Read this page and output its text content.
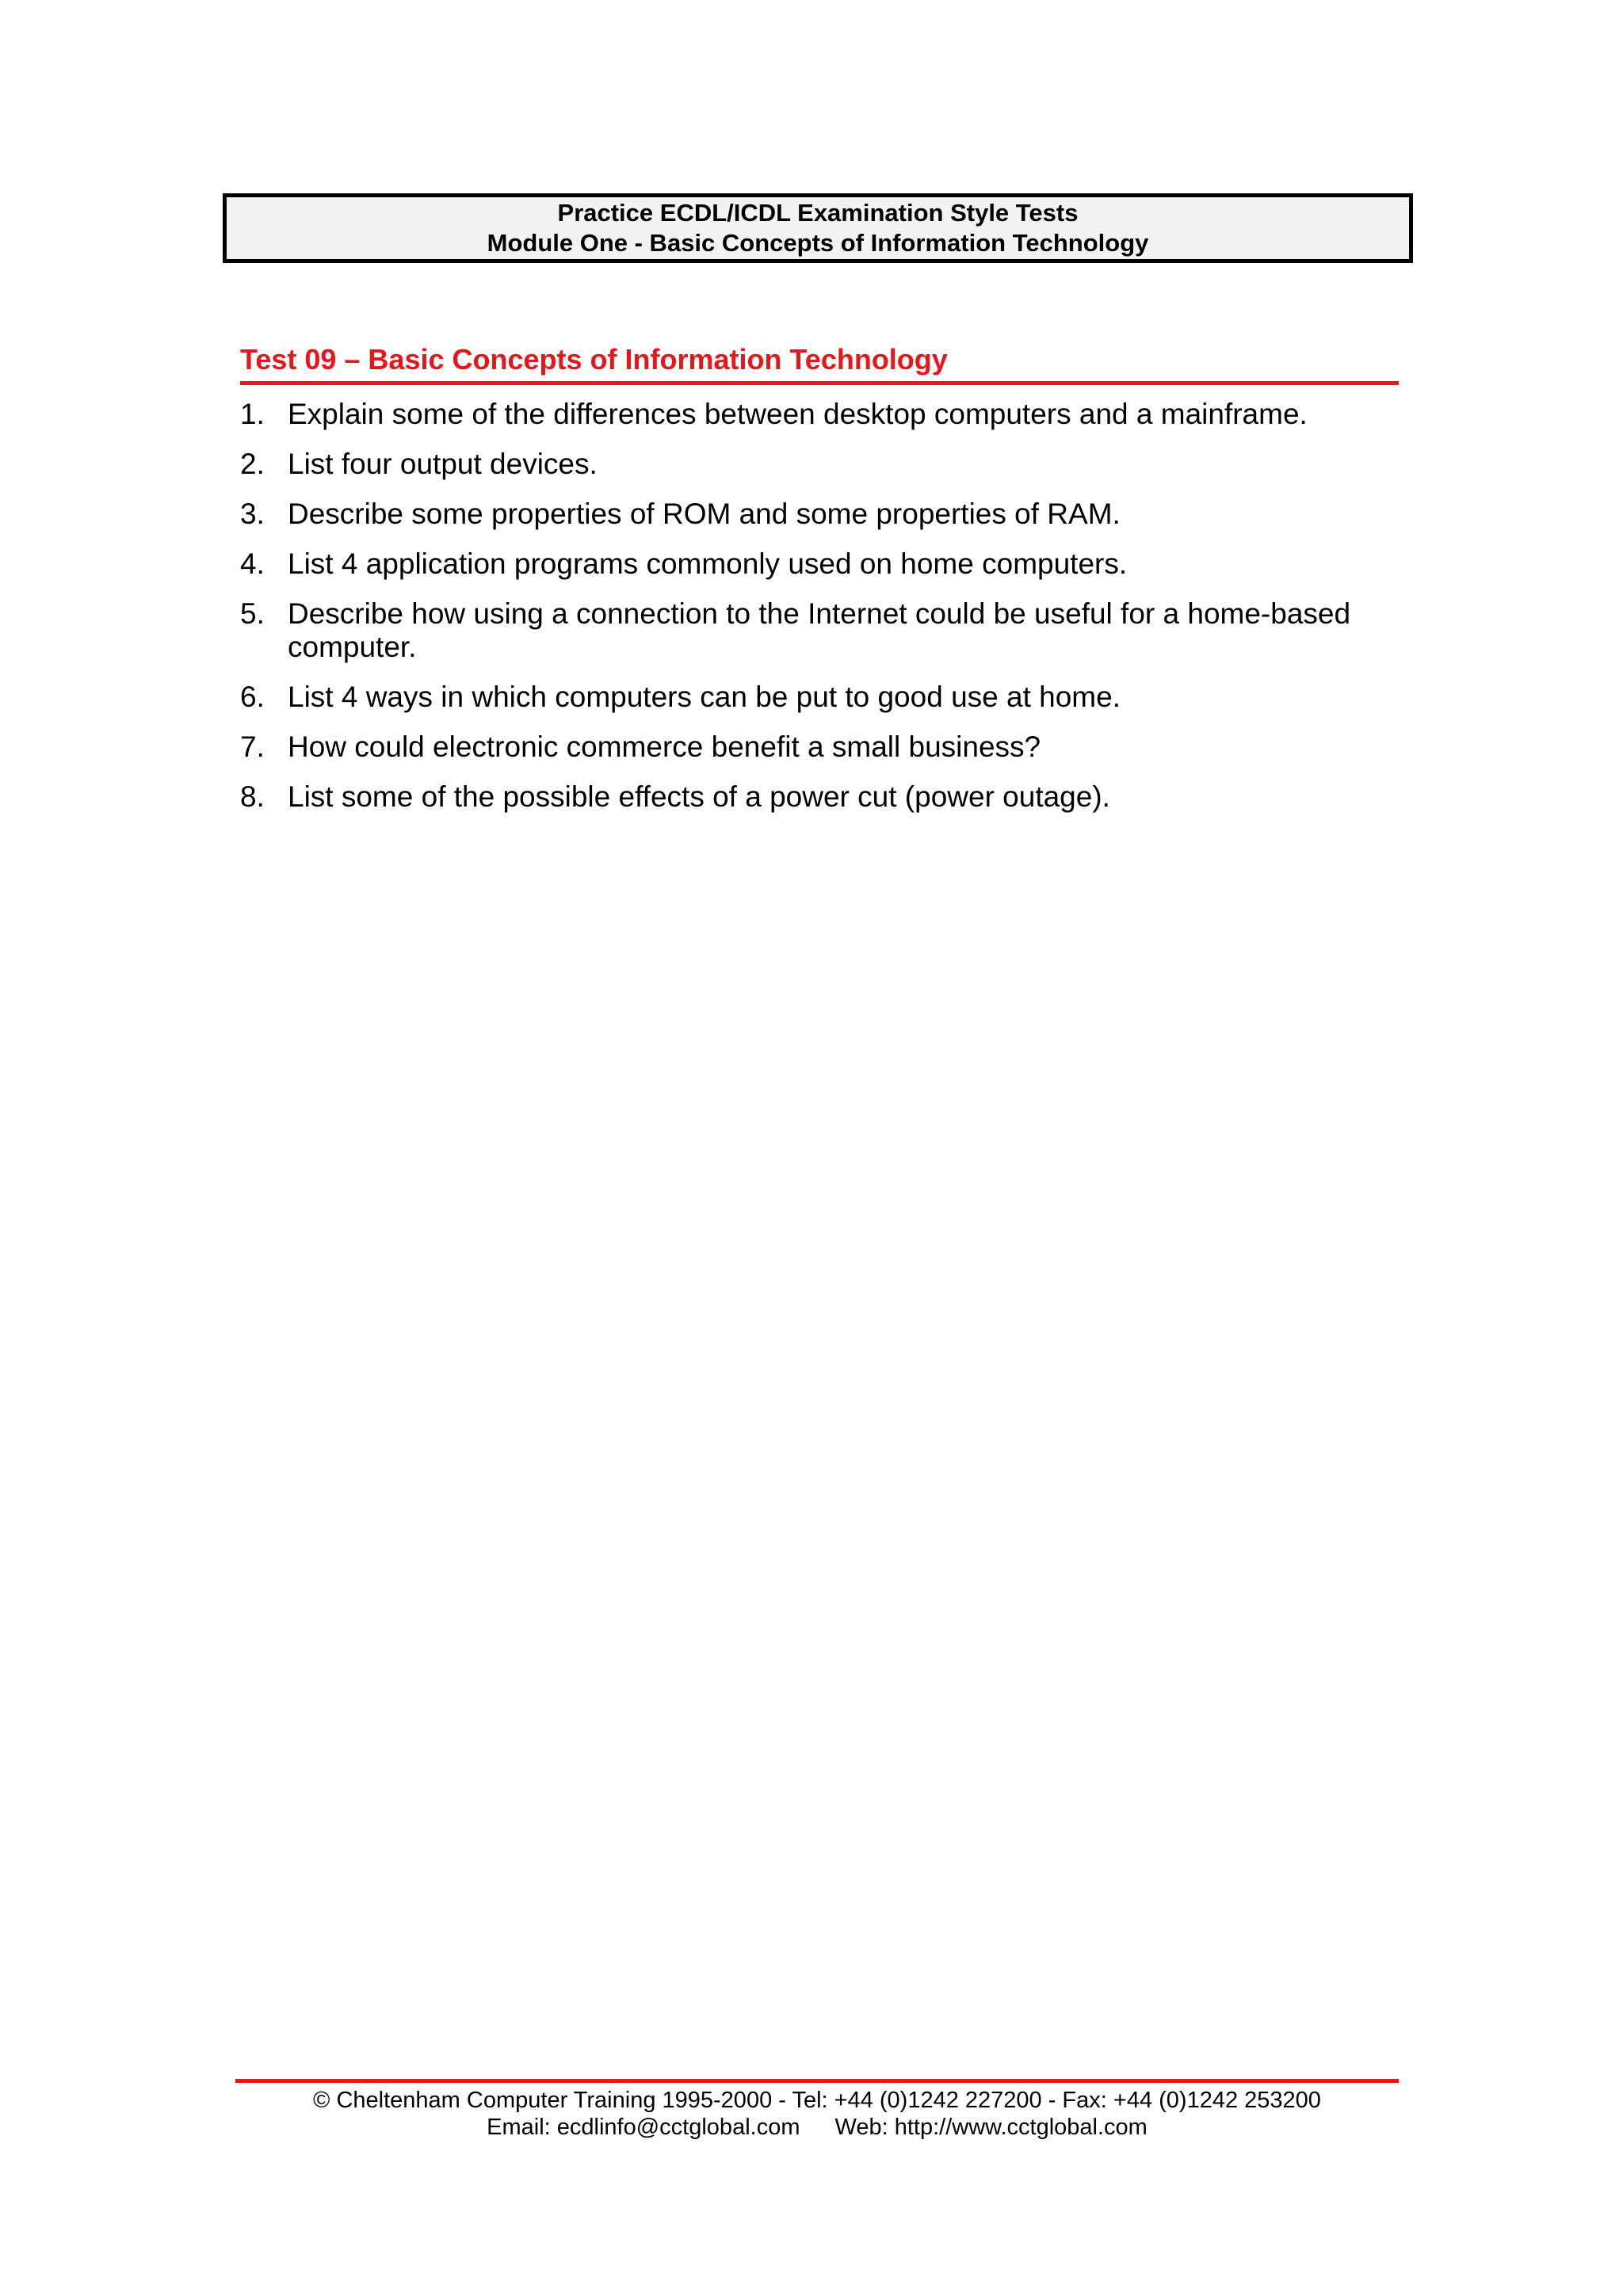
Practice ECDL/ICDL Examination Style Tests
Module One - Basic Concepts of Information Technology
Test 09 – Basic Concepts of Information Technology
1. Explain some of the differences between desktop computers and a mainframe.
2. List four output devices.
3. Describe some properties of ROM and some properties of RAM.
4. List 4 application programs commonly used on home computers.
5. Describe how using a connection to the Internet could be useful for a home-based computer.
6. List 4 ways in which computers can be put to good use at home.
7. How could electronic commerce benefit a small business?
8. List some of the possible effects of a power cut (power outage).
© Cheltenham Computer Training 1995-2000 - Tel: +44 (0)1242 227200 - Fax: +44 (0)1242 253200
Email: ecdlinfo@cctglobal.com Web: http://www.cctglobal.com
